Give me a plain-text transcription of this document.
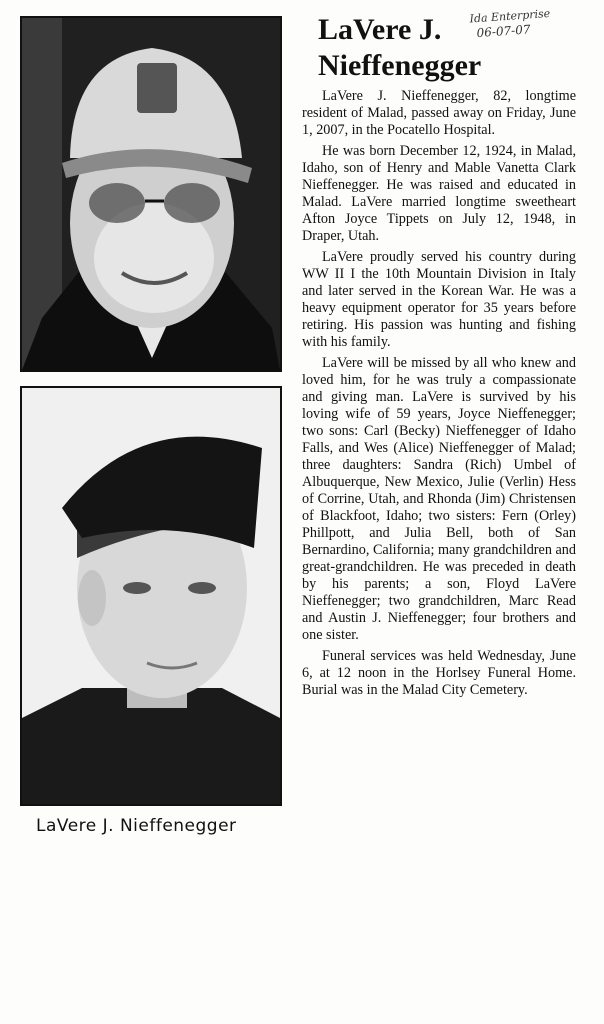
LaVere J. Nieffenegger
Ida Enterprise
06-07-07
LaVere J.
Nieffenegger

LaVere J. Nieffenegger, 82, longtime resident of Malad, passed away on Friday, June 1, 2007, in the Pocatello Hospital.

He was born December 12, 1924, in Malad, Idaho, son of Henry and Mable Vanetta Clark Nieffenegger. He was raised and educated in Malad. LaVere married longtime sweetheart Afton Joyce Tippets on July 12, 1948, in Draper, Utah.

LaVere proudly served his country during WW II I the 10th Mountain Division in Italy and later served in the Korean War. He was a heavy equipment operator for 35 years before retiring. His passion was hunting and fishing with his family.

LaVere will be missed by all who knew and loved him, for he was truly a compassionate and giving man. LaVere is survived by his loving wife of 59 years, Joyce Nieffenegger; two sons: Carl (Becky) Nieffenegger of Idaho Falls, and Wes (Alice) Nieffenegger of Malad; three daughters: Sandra (Rich) Umbel of Albuquerque, New Mexico, Julie (Verlin) Hess of Corrine, Utah, and Rhonda (Jim) Christensen of Blackfoot, Idaho; two sisters: Fern (Orley) Phillpott, and Julia Bell, both of San Bernardino, California; many grandchildren and great-grandchildren. He was preceded in death by his parents; a son, Floyd LaVere Nieffenegger; two grandchildren, Marc Read and Austin J. Nieffenegger; four brothers and one sister.

Funeral services was held Wednesday, June 6, at 12 noon in the Horlsey Funeral Home. Burial was in the Malad City Cemetery.
